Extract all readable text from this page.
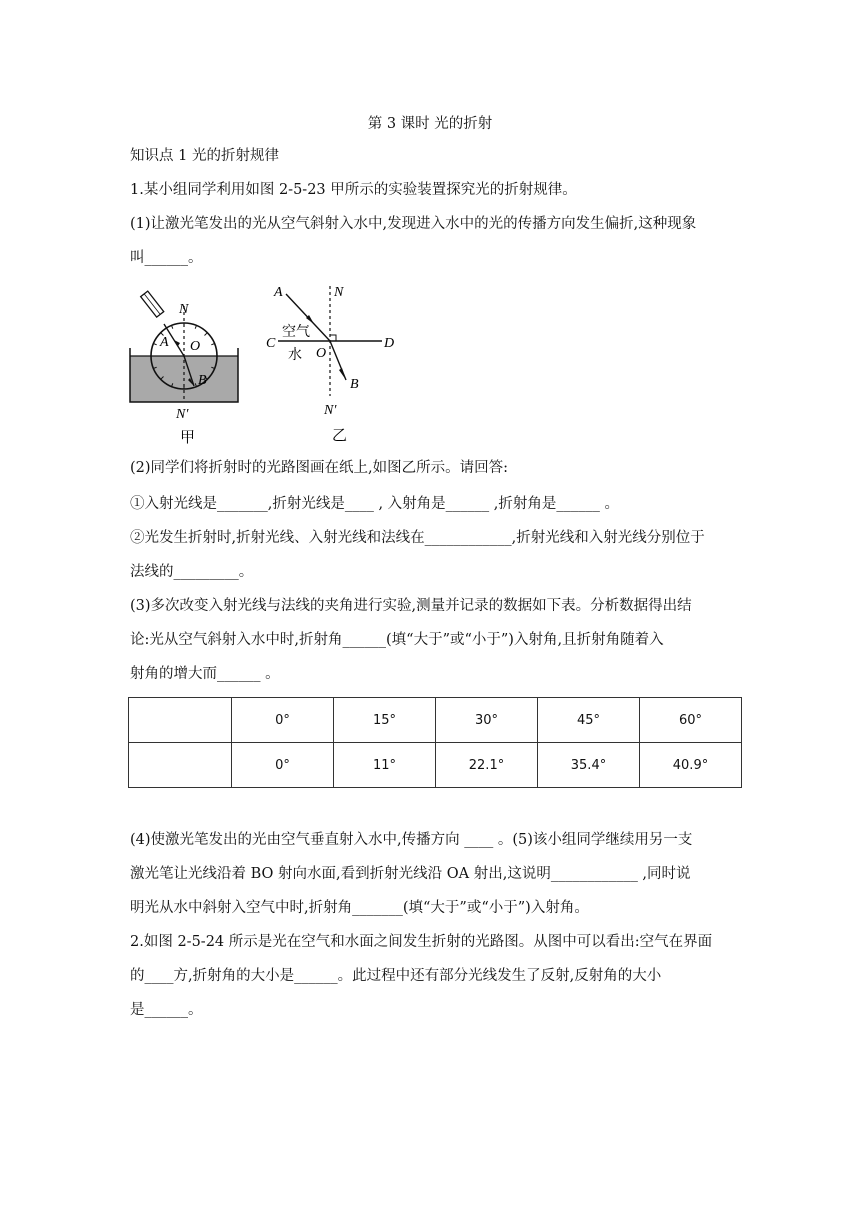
第 3 课时 光的折射
知识点 1 光的折射规律
1.某小组同学利用如图 2-5-23 甲所示的实验装置探究光的折射规律。
(1)让激光笔发出的光从空气斜射入水中,发现进入水中的光的传播方向发生偏折,这种现象
叫______。
N
A O
B
N′
甲
A	N
C
空气
水 O
D
B
N′
乙
(2)同学们将折射时的光路图画在纸上,如图乙所示。请回答:
①入射光线是_______,折射光线是____ , 入射角是______ ,折射角是______ 。
②光发生折射时,折射光线、入射光线和法线在____________,折射光线和入射光线分别位于
法线的_________。
(3)多次改变入射光线与法线的夹角进行实验,测量并记录的数据如下表。分析数据得出结
论:光从空气斜射入水中时,折射角______(填“大于”或“小于”)入射角,且折射角随着入
射角的增大而______ 。
	0°	15°	30°	45°	60°
	0°	11°	22.1°	35.4°	40.9°
(4)使激光笔发出的光由空气垂直射入水中,传播方向 ____ 。(5)该小组同学继续用另一支
激光笔让光线沿着 BO 射向水面,看到折射光线沿 OA 射出,这说明____________ ,同时说
明光从水中斜射入空气中时,折射角_______(填“大于”或“小于”)入射角。
2.如图 2-5-24 所示是光在空气和水面之间发生折射的光路图。从图中可以看出:空气在界面
的____方,折射角的大小是______。此过程中还有部分光线发生了反射,反射角的大小
是______。
